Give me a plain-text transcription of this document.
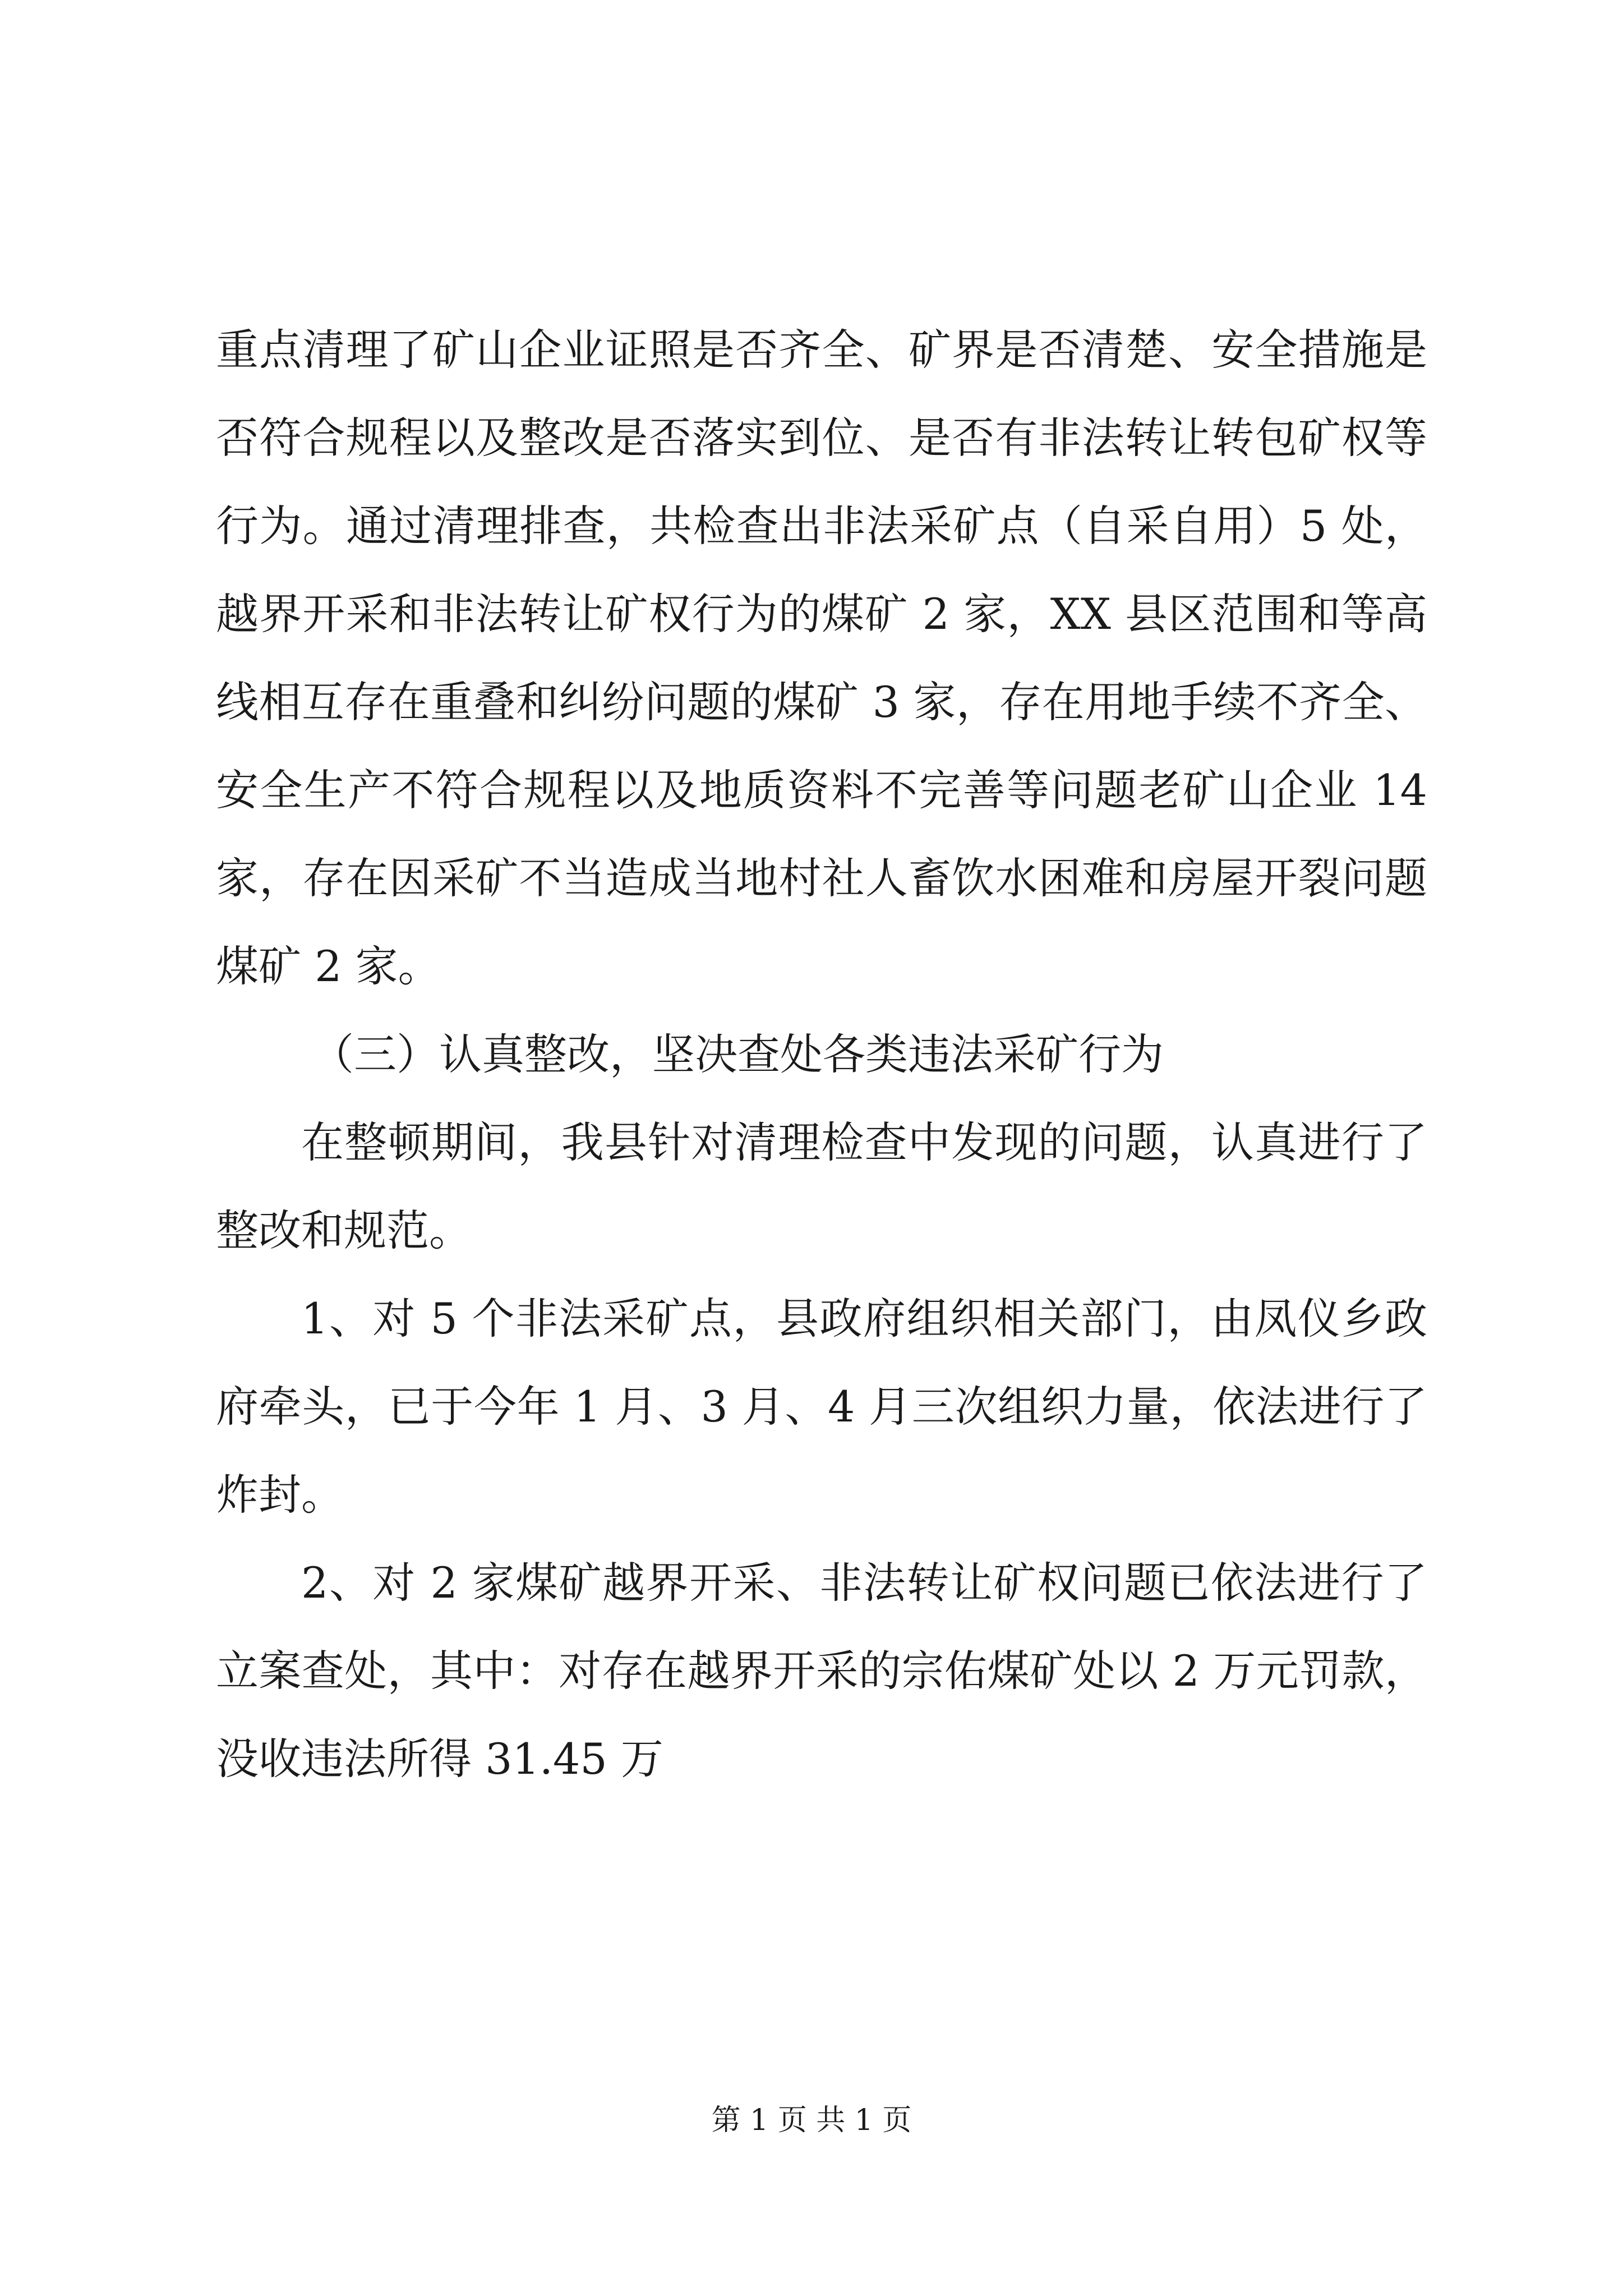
重点清理了矿山企业证照是否齐全、矿界是否清楚、安全措施是
否符合规程以及整改是否落实到位、是否有非法转让转包矿权等
行为。通过清理排查，共检查出非法采矿点（自采自用）5 处，
越界开采和非法转让矿权行为的煤矿 2 家，XX 县区范围和等高
线相互存在重叠和纠纷问题的煤矿 3 家，存在用地手续不齐全、
安全生产不符合规程以及地质资料不完善等问题老矿山企业 14
家，存在因采矿不当造成当地村社人畜饮水困难和房屋开裂问题
煤矿 2 家。
（三）认真整改，坚决查处各类违法采矿行为
在整顿期间，我县针对清理检查中发现的问题，认真进行了
整改和规范。
1、对 5 个非法采矿点，县政府组织相关部门，由凤仪乡政
府牵头，已于今年 1 月、3 月、4 月三次组织力量，依法进行了
炸封。
2、对 2 家煤矿越界开采、非法转让矿权问题已依法进行了
立案查处，其中：对存在越界开采的宗佑煤矿处以 2 万元罚款，
没收违法所得 31.45 万
第 1 页 共 1 页
